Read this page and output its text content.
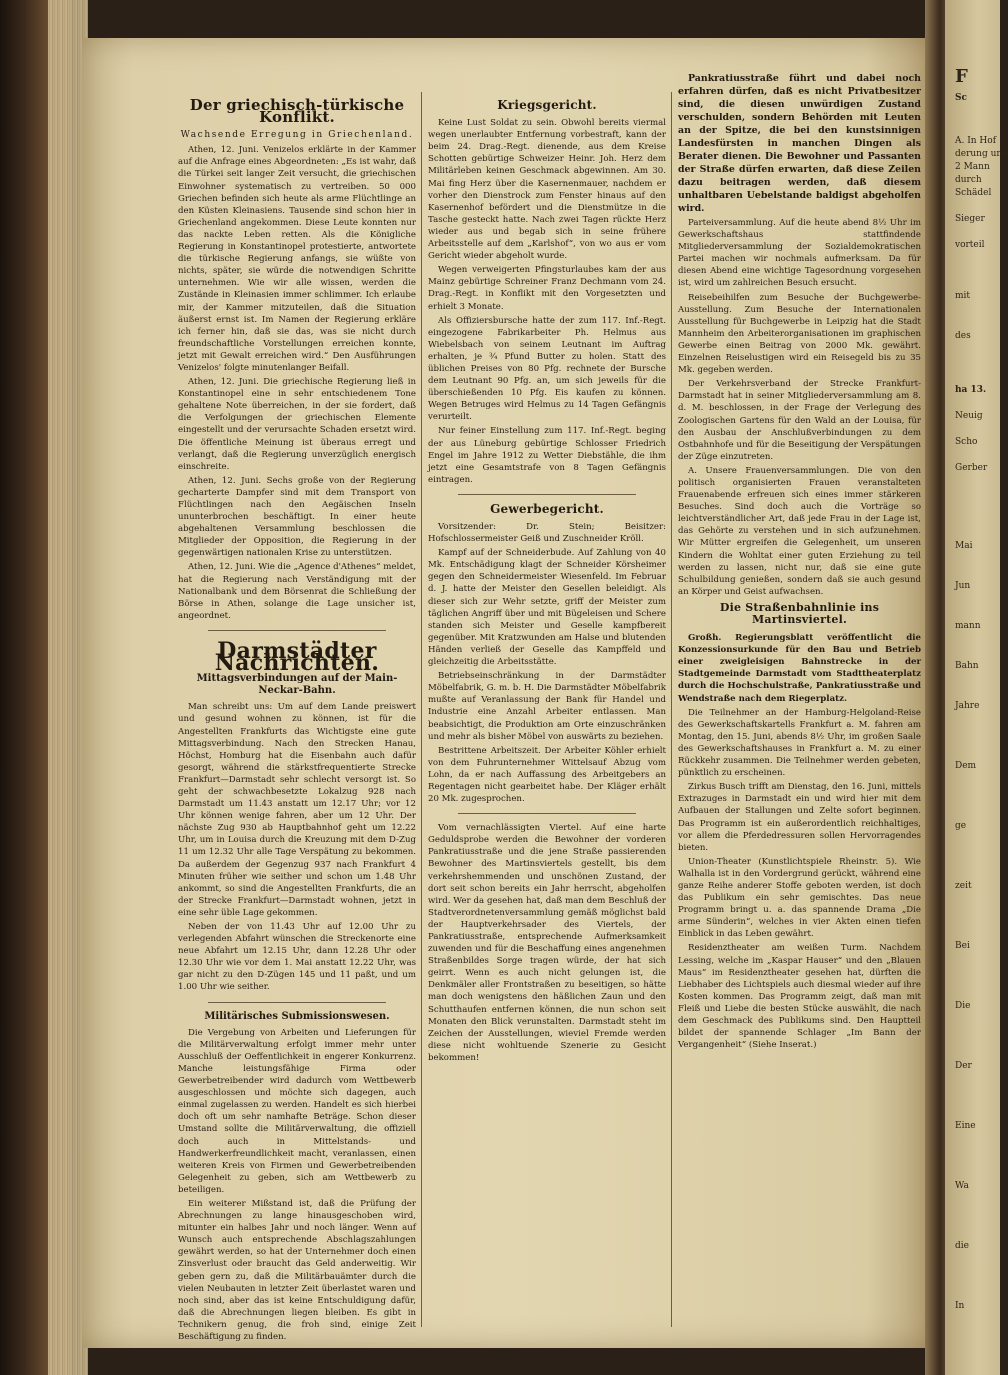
F
Sc
A. In Hof
derung und
2 Mann
durch
Schädel
Sieger
vorteil
mit
des
Neuig
Scho
Gerber
ha 13.
Mai
Jun
mann
Bahn
Jahre
Dem
ge
zeit
Bei
Die
Der
Eine
Wa
die
In
Der griechisch-türkische Konflikt.
Wachsende Erregung in Griechenland.

Athen, 12. Juni. Venizelos erklärte in der Kammer auf die Anfrage eines Abgeordneten: „Es ist wahr, daß die Türkei seit langer Zeit versucht, die griechischen Einwohner systematisch zu vertreiben. 50 000 Griechen befinden sich heute als arme Flüchtlinge an den Küsten Kleinasiens. Tausende sind schon hier in Griechenland angekommen. Diese Leute konnten nur das nackte Leben retten. Als die Königliche Regierung in Konstantinopel protestierte, antwortete die türkische Regierung anfangs, sie wüßte von nichts, später, sie würde die notwendigen Schritte unternehmen. Wie wir alle wissen, werden die Zustände in Kleinasien immer schlimmer. Ich erlaube mir, der Kammer mitzuteilen, daß die Situation äußerst ernst ist. Im Namen der Regierung erkläre ich ferner hin, daß sie das, was sie nicht durch freundschaftliche Vorstellungen erreichen konnte, jetzt mit Gewalt erreichen wird.“ Den Ausführungen Venizelos' folgte minutenlanger Beifall.

Athen, 12. Juni. Die griechische Regierung ließ in Konstantinopel eine in sehr entschiedenem Tone gehaltene Note überreichen, in der sie fordert, daß die Verfolgungen der griechischen Elemente eingestellt und der verursachte Schaden ersetzt wird. Die öffentliche Meinung ist überaus erregt und verlangt, daß die Regierung unverzüglich energisch einschreite.

Athen, 12. Juni. Sechs große von der Regierung gecharterte Dampfer sind mit dem Transport von Flüchtlingen nach den Aegäischen Inseln ununterbrochen beschäftigt. In einer heute abgehaltenen Versammlung beschlossen die Mitglieder der Opposition, die Regierung in der gegenwärtigen nationalen Krise zu unterstützen.

Athen, 12. Juni. Wie die „Agence d'Athenes“ meldet, hat die Regierung nach Verständigung mit der Nationalbank und dem Börsenrat die Schließung der Börse in Athen, solange die Lage unsicher ist, angeordnet.

Darmstädter Nachrichten.
Mittagsverbindungen auf der Main-Neckar-Bahn.

Man schreibt uns: Um auf dem Lande preiswert und gesund wohnen zu können, ist für die Angestellten Frankfurts das Wichtigste eine gute Mittagsverbindung. Nach den Strecken Hanau, Höchst, Homburg hat die Eisenbahn auch dafür gesorgt, während die stärkstfrequentierte Strecke Frankfurt—Darmstadt sehr schlecht versorgt ist. So geht der schwachbesetzte Lokalzug 928 nach Darmstadt um 11.43 anstatt um 12.17 Uhr; vor 12 Uhr können wenige fahren, aber um 12 Uhr. Der nächste Zug 930 ab Hauptbahnhof geht um 12.22 Uhr, um in Louisa durch die Kreuzung mit dem D-Zug 11 um 12.32 Uhr alle Tage Verspätung zu bekommen. Da außerdem der Gegenzug 937 nach Frankfurt 4 Minuten früher wie seither und schon um 1.48 Uhr ankommt, so sind die Angestellten Frankfurts, die an der Strecke Frankfurt—Darmstadt wohnen, jetzt in eine sehr üble Lage gekommen.

Neben der von 11.43 Uhr auf 12.00 Uhr zu verlegenden Abfahrt wünschen die Streckenorte eine neue Abfahrt um 12.15 Uhr, dann 12.28 Uhr oder 12.30 Uhr wie vor dem 1. Mai anstatt 12.22 Uhr, was gar nicht zu den D-Zügen 145 und 11 paßt, und um 1.00 Uhr wie seither.

Militärisches Submissionswesen.

Die Vergebung von Arbeiten und Lieferungen für die Militärverwaltung erfolgt immer mehr unter Ausschluß der Oeffentlichkeit in engerer Konkurrenz. Manche leistungsfähige Firma oder Gewerbetreibender wird dadurch vom Wettbewerb ausgeschlossen und möchte sich dagegen, auch einmal zugelassen zu werden. Handelt es sich hierbei doch oft um sehr namhafte Beträge. Schon dieser Umstand sollte die Militärverwaltung, die offiziell doch auch in Mittelstands- und Handwerkerfreundlichkeit macht, veranlassen, einen weiteren Kreis von Firmen und Gewerbetreibenden Gelegenheit zu geben, sich am Wettbewerb zu beteiligen.

Ein weiterer Mißstand ist, daß die Prüfung der Abrechnungen zu lange hinausgeschoben wird, mitunter ein halbes Jahr und noch länger. Wenn auf Wunsch auch entsprechende Abschlagszahlungen gewährt werden, so hat der Unternehmer doch einen Zinsverlust oder braucht das Geld anderweitig. Wir geben gern zu, daß die Militärbauämter durch die vielen Neubauten in letzter Zeit überlastet waren und noch sind, aber das ist keine Entschuldigung dafür, daß die Abrechnungen liegen bleiben. Es gibt in Technikern genug, die froh sind, einige Zeit Beschäftigung zu finden.

Kriegsgericht.

Keine Lust Soldat zu sein. Obwohl bereits viermal wegen unerlaubter Entfernung vorbestraft, kann der beim 24. Drag.-Regt. dienende, aus dem Kreise Schotten gebürtige Schweizer Heinr. Joh. Herz dem Militärleben keinen Geschmack abgewinnen. Am 30. Mai fing Herz über die Kasernenmauer, nachdem er vorher den Dienstrock zum Fenster hinaus auf den Kasernenhof befördert und die Dienstmütze in die Tasche gesteckt hatte. Nach zwei Tagen rückte Herz wieder aus und begab sich in seine frühere Arbeitsstelle auf dem „Karlshof“, von wo aus er vom Gericht wieder abgeholt wurde.

Wegen verweigerten Pfingsturlaubes kam der aus Mainz gebürtige Schreiner Franz Dechmann vom 24. Drag.-Regt. in Konflikt mit den Vorgesetzten und erhielt 3 Monate.

Als Offiziersbursche hatte der zum 117. Inf.-Regt. eingezogene Fabrikarbeiter Ph. Helmus aus Wiebelsbach von seinem Leutnant im Auftrag erhalten, je ¾ Pfund Butter zu holen. Statt des üblichen Preises von 80 Pfg. rechnete der Bursche dem Leutnant 90 Pfg. an, um sich jeweils für die überschießenden 10 Pfg. Eis kaufen zu können. Wegen Betruges wird Helmus zu 14 Tagen Gefängnis verurteilt.

Nur feiner Einstellung zum 117. Inf.-Regt. beging der aus Lüneburg gebürtige Schlosser Friedrich Engel im Jahre 1912 zu Wetter Diebstähle, die ihm jetzt eine Gesamtstrafe von 8 Tagen Gefängnis eintragen.

Gewerbegericht.

Vorsitzender: Dr. Stein; Beisitzer: Hofschlossermeister Geiß und Zuschneider Kröll.

Kampf auf der Schneiderbude. Auf Zahlung von 40 Mk. Entschädigung klagt der Schneider Körsheimer gegen den Schneidermeister Wiesenfeld. Im Februar d. J. hatte der Meister den Gesellen beleidigt. Als dieser sich zur Wehr setzte, griff der Meister zum täglichen Angriff über und mit Bügeleisen und Schere standen sich Meister und Geselle kampfbereit gegenüber. Mit Kratzwunden am Halse und blutenden Händen verließ der Geselle das Kampffeld und gleichzeitig die Arbeitsstätte.

Betriebseinschränkung in der Darmstädter Möbelfabrik, G. m. b. H. Die Darmstädter Möbelfabrik mußte auf Veranlassung der Bank für Handel und Industrie eine Anzahl Arbeiter entlassen. Man beabsichtigt, die Produktion am Orte einzuschränken und mehr als bisher Möbel von auswärts zu beziehen.

Bestrittene Arbeitszeit. Der Arbeiter Köhler erhielt von dem Fuhrunternehmer Wittelsauf Abzug vom Lohn, da er nach Auffassung des Arbeitgebers an Regentagen nicht gearbeitet habe. Der Kläger erhält 20 Mk. zugesprochen.

Vom vernachlässigten Viertel. Auf eine harte Geduldsprobe werden die Bewohner der vorderen Pankratiusstraße und die jene Straße passierenden Bewohner des Martinsviertels gestellt, bis dem verkehrshemmenden und unschönen Zustand, der dort seit schon bereits ein Jahr herrscht, abgeholfen wird. Wer da gesehen hat, daß man dem Beschluß der Stadtverordnetenversammlung gemäß möglichst bald der Hauptverkehrsader des Viertels, der Pankratiusstraße, entsprechende Aufmerksamkeit zuwenden und für die Beschaffung eines angenehmen Straßenbildes Sorge tragen würde, der hat sich geirrt. Wenn es auch nicht gelungen ist, die Denkmäler aller Frontstraßen zu beseitigen, so hätte man doch wenigstens den häßlichen Zaun und den Schutthaufen entfernen können, die nun schon seit Monaten den Blick verunstalten. Darmstadt steht im Zeichen der Ausstellungen, wieviel Fremde werden diese nicht wohltuende Szenerie zu Gesicht bekommen!

Pankratiusstraße führt und dabei noch erfahren dürfen, daß es nicht Privatbesitzer sind, die diesen unwürdigen Zustand verschulden, sondern Behörden mit Leuten an der Spitze, die bei den kunstsinnigen Landesfürsten in manchen Dingen als Berater dienen. Die Bewohner und Passanten der Straße dürfen erwarten, daß diese Zeilen dazu beitragen werden, daß diesem unhaltbaren Uebelstande baldigst abgeholfen wird.

Parteiversammlung. Auf die heute abend 8½ Uhr im Gewerkschaftshaus stattfindende Mitgliederversammlung der Sozialdemokratischen Partei machen wir nochmals aufmerksam. Da für diesen Abend eine wichtige Tagesordnung vorgesehen ist, wird um zahlreichen Besuch ersucht.

Reisebeihilfen zum Besuche der Buchgewerbe-Ausstellung. Zum Besuche der Internationalen Ausstellung für Buchgewerbe in Leipzig hat die Stadt Mannheim den Arbeiterorganisationen im graphischen Gewerbe einen Beitrag von 2000 Mk. gewährt. Einzelnen Reiselustigen wird ein Reisegeld bis zu 35 Mk. gegeben werden.

Der Verkehrsverband der Strecke Frankfurt-Darmstadt hat in seiner Mitgliederversammlung am 8. d. M. beschlossen, in der Frage der Verlegung des Zoologischen Gartens für den Wald an der Louisa, für den Ausbau der Anschlußverbindungen zu dem Ostbahnhofe und für die Beseitigung der Verspätungen der Züge einzutreten.

A. Unsere Frauenversammlungen. Die von den politisch organisierten Frauen veranstalteten Frauenabende erfreuen sich eines immer stärkeren Besuches. Sind doch auch die Vorträge so leichtverständlicher Art, daß jede Frau in der Lage ist, das Gehörte zu verstehen und in sich aufzunehmen. Wir Mütter ergreifen die Gelegenheit, um unseren Kindern die Wohltat einer guten Erziehung zu teil werden zu lassen, nicht nur, daß sie eine gute Schulbildung genießen, sondern daß sie auch gesund an Körper und Geist aufwachsen.

Die Straßenbahnlinie ins Martinsviertel.

Großh. Regierungsblatt veröffentlicht die Konzessionsurkunde für den Bau und Betrieb einer zweigleisigen Bahnstrecke in der Stadtgemeinde Darmstadt vom Stadttheaterplatz durch die Hochschulstraße, Pankratiusstraße und Wendstraße nach dem Riegerplatz.

Die Teilnehmer an der Hamburg-Helgoland-Reise des Gewerkschaftskartells Frankfurt a. M. fahren am Montag, den 15. Juni, abends 8½ Uhr, im großen Saale des Gewerkschaftshauses in Frankfurt a. M. zu einer Rückkehr zusammen. Die Teilnehmer werden gebeten, pünktlich zu erscheinen.

Zirkus Busch trifft am Dienstag, den 16. Juni, mittels Extrazuges in Darmstadt ein und wird hier mit dem Aufbauen der Stallungen und Zelte sofort beginnen. Das Programm ist ein außerordentlich reichhaltiges, vor allem die Pferdedressuren sollen Hervorragendes bieten.

Union-Theater (Kunstlichtspiele Rheinstr. 5). Wie Walhalla ist in den Vordergrund gerückt, während eine ganze Reihe anderer Stoffe geboten werden, ist doch das Publikum ein sehr gemischtes. Das neue Programm bringt u. a. das spannende Drama „Die arme Sünderin“, welches in vier Akten einen tiefen Einblick in das Leben gewährt.

Residenztheater am weißen Turm. Nachdem Lessing, welche im „Kaspar Hauser“ und den „Blauen Maus“ im Residenztheater gesehen hat, dürften die Liebhaber des Lichtspiels auch diesmal wieder auf ihre Kosten kommen. Das Programm zeigt, daß man mit Fleiß und Liebe die besten Stücke auswählt, die nach dem Geschmack des Publikums sind. Den Hauptteil bildet der spannende Schlager „Im Bann der Vergangenheit“ (Siehe Inserat.)
